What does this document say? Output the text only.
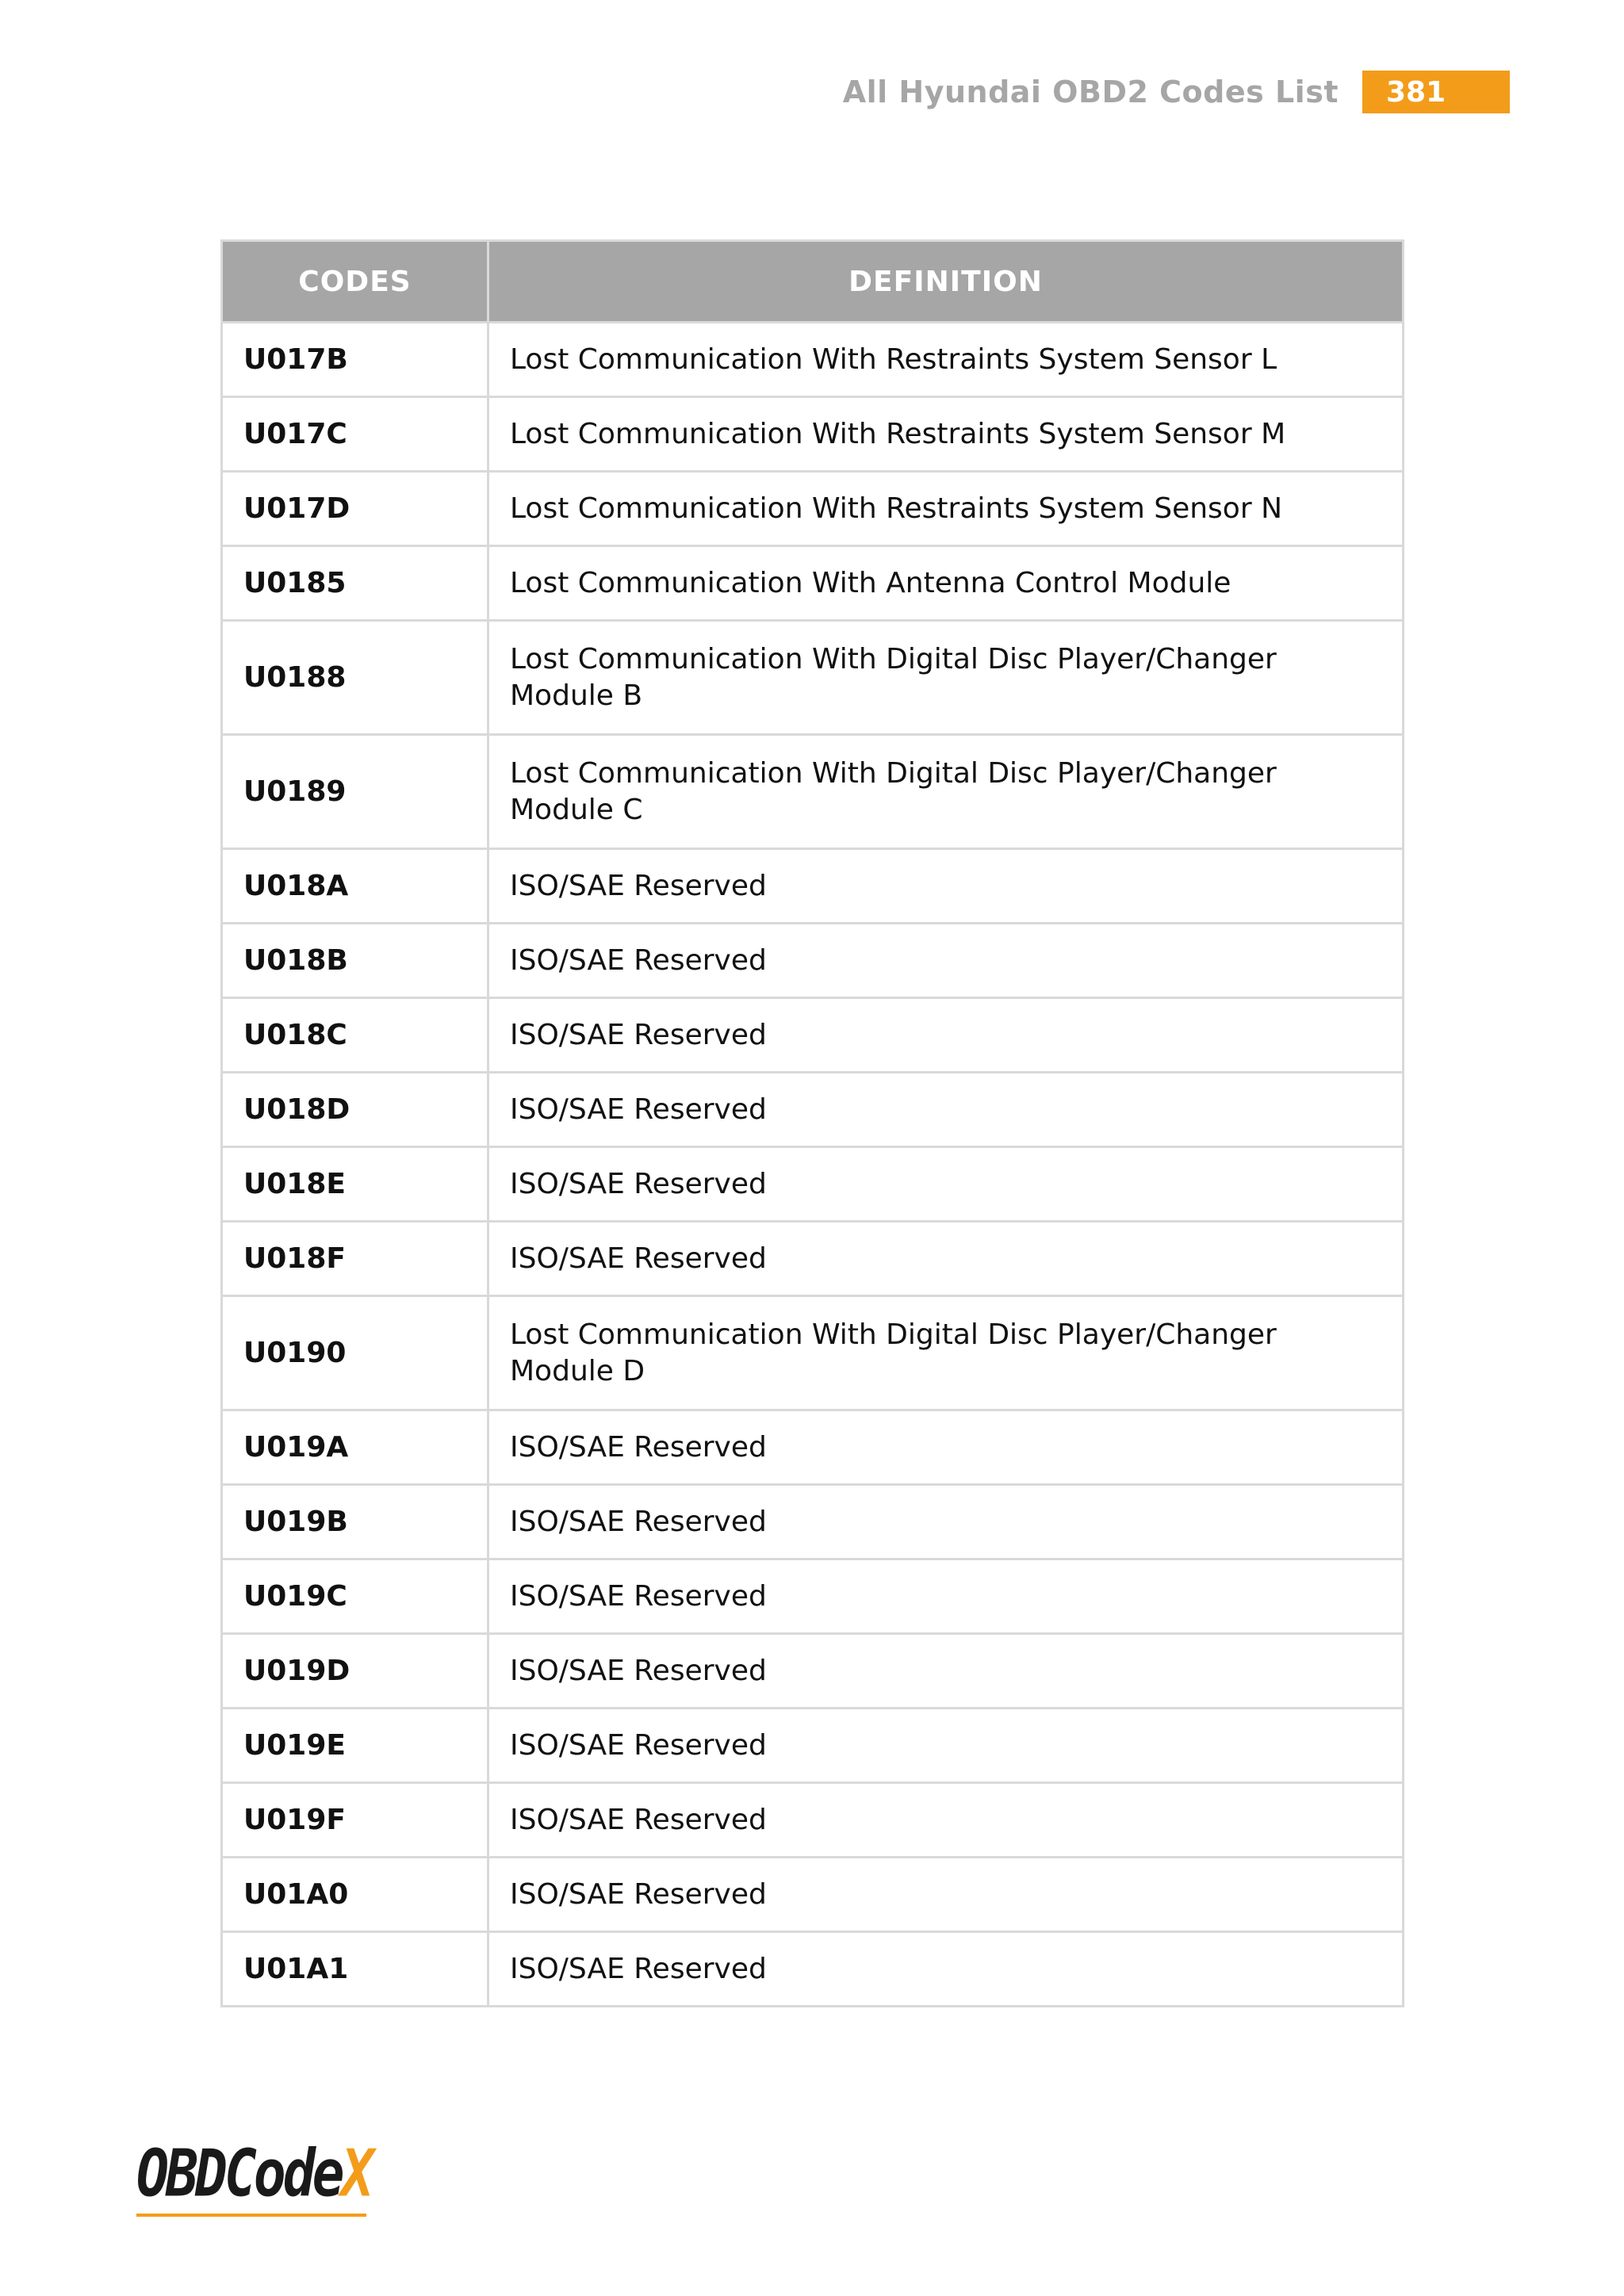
All Hyundai OBD2 Codes List	381
CODES	DEFINITION
U017B	Lost Communication With Restraints System Sensor L
U017C	Lost Communication With Restraints System Sensor M
U017D	Lost Communication With Restraints System Sensor N
U0185	Lost Communication With Antenna Control Module
U0188	Lost Communication With Digital Disc Player/Changer Module B
U0189	Lost Communication With Digital Disc Player/Changer Module C
U018A	ISO/SAE Reserved
U018B	ISO/SAE Reserved
U018C	ISO/SAE Reserved
U018D	ISO/SAE Reserved
U018E	ISO/SAE Reserved
U018F	ISO/SAE Reserved
U0190	Lost Communication With Digital Disc Player/Changer Module D
U019A	ISO/SAE Reserved
U019B	ISO/SAE Reserved
U019C	ISO/SAE Reserved
U019D	ISO/SAE Reserved
U019E	ISO/SAE Reserved
U019F	ISO/SAE Reserved
U01A0	ISO/SAE Reserved
U01A1	ISO/SAE Reserved
OBDCodeX
